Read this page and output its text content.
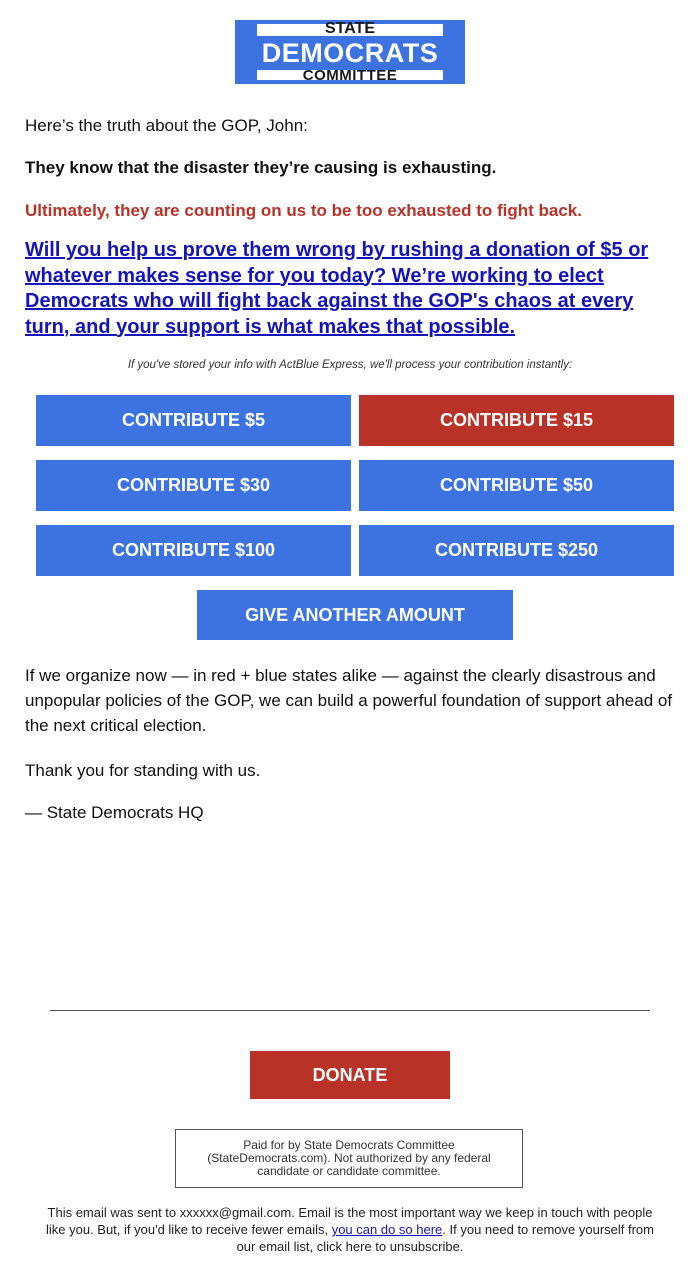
STATE
DEMOCRATS
COMMITTEE
Here’s the truth about the GOP, John:
They know that the disaster they’re causing is exhausting.
Ultimately, they are counting on us to be too exhausted to fight back.
Will you help us prove them wrong by rushing a donation of $5 or whatever makes sense for you today? We’re working to elect Democrats who will fight back against the GOP's chaos at every turn, and your support is what makes that possible.
If you've stored your info with ActBlue Express, we'll process your contribution instantly:
CONTRIBUTE $5	CONTRIBUTE $15
CONTRIBUTE $30	CONTRIBUTE $50
CONTRIBUTE $100	CONTRIBUTE $250
GIVE ANOTHER AMOUNT
If we organize now — in red + blue states alike — against the clearly disastrous and unpopular policies of the GOP, we can build a powerful foundation of support ahead of the next critical election.
Thank you for standing with us.
— State Democrats HQ
DONATE
Paid for by State Democrats Committee (StateDemocrats.com). Not authorized by any federal candidate or candidate committee.
This email was sent to xxxxxx@gmail.com. Email is the most important way we keep in touch with people like you. But, if you'd like to receive fewer emails, you can do so here. If you need to remove yourself from our email list, click here to unsubscribe.
